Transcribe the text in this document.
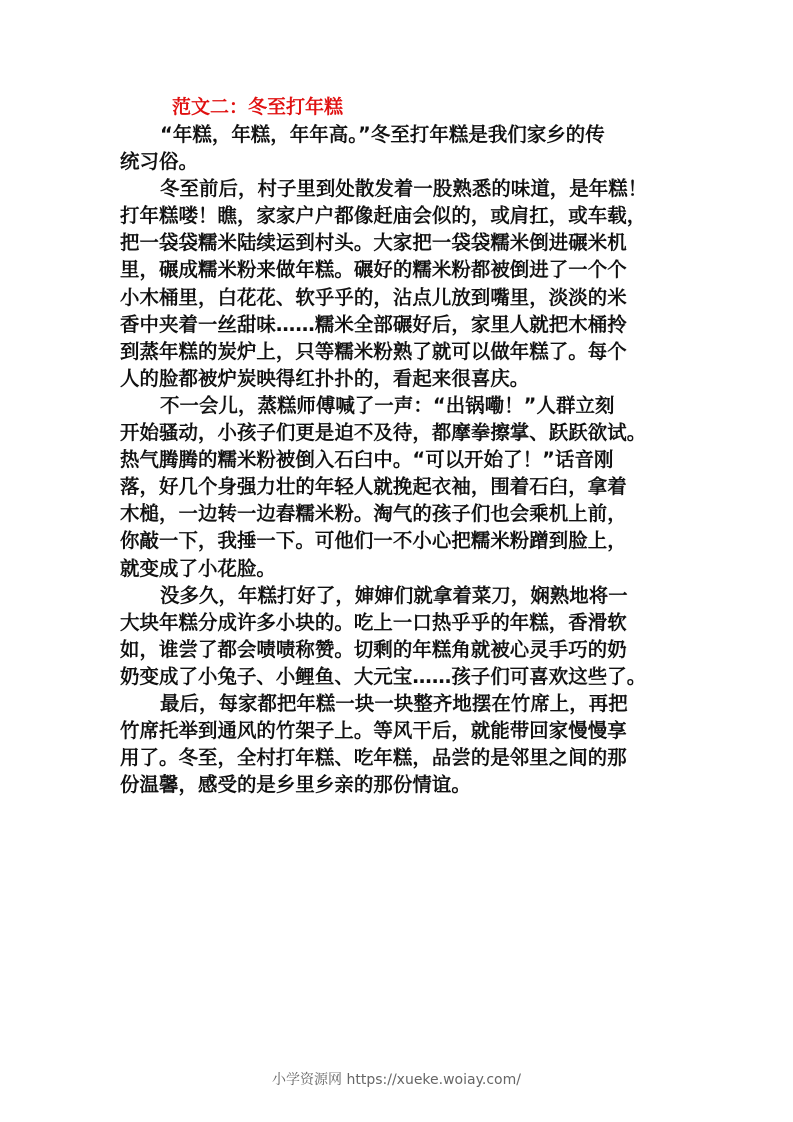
范文二：冬至打年糕
“年糕，年糕，年年高。”冬至打年糕是我们家乡的传
统习俗。
冬至前后，村子里到处散发着一股熟悉的味道，是年糕！
打年糕喽！瞧，家家户户都像赶庙会似的，或肩扛，或车载，
把一袋袋糯米陆续运到村头。大家把一袋袋糯米倒进碾米机
里，碾成糯米粉来做年糕。碾好的糯米粉都被倒进了一个个
小木桶里，白花花、软乎乎的，沾点儿放到嘴里，淡淡的米
香中夹着一丝甜味……糯米全部碾好后，家里人就把木桶拎
到蒸年糕的炭炉上，只等糯米粉熟了就可以做年糕了。每个
人的脸都被炉炭映得红扑扑的，看起来很喜庆。
不一会儿，蒸糕师傅喊了一声：“出锅嘞！”人群立刻
开始骚动，小孩子们更是迫不及待，都摩拳擦掌、跃跃欲试。
热气腾腾的糯米粉被倒入石臼中。“可以开始了！”话音刚
落，好几个身强力壮的年轻人就挽起衣袖，围着石臼，拿着
木槌，一边转一边舂糯米粉。淘气的孩子们也会乘机上前，
你敲一下，我捶一下。可他们一不小心把糯米粉蹭到脸上，
就变成了小花脸。
没多久，年糕打好了，婶婶们就拿着菜刀，娴熟地将一
大块年糕分成许多小块的。吃上一口热乎乎的年糕，香滑软
如，谁尝了都会啧啧称赞。切剩的年糕角就被心灵手巧的奶
奶变成了小兔子、小鲤鱼、大元宝……孩子们可喜欢这些了。
最后，每家都把年糕一块一块整齐地摆在竹席上，再把
竹席托举到通风的竹架子上。等风干后，就能带回家慢慢享
用了。冬至，全村打年糕、吃年糕，品尝的是邻里之间的那
份温馨，感受的是乡里乡亲的那份情谊。
小学资源网 https://xueke.woiay.com/
